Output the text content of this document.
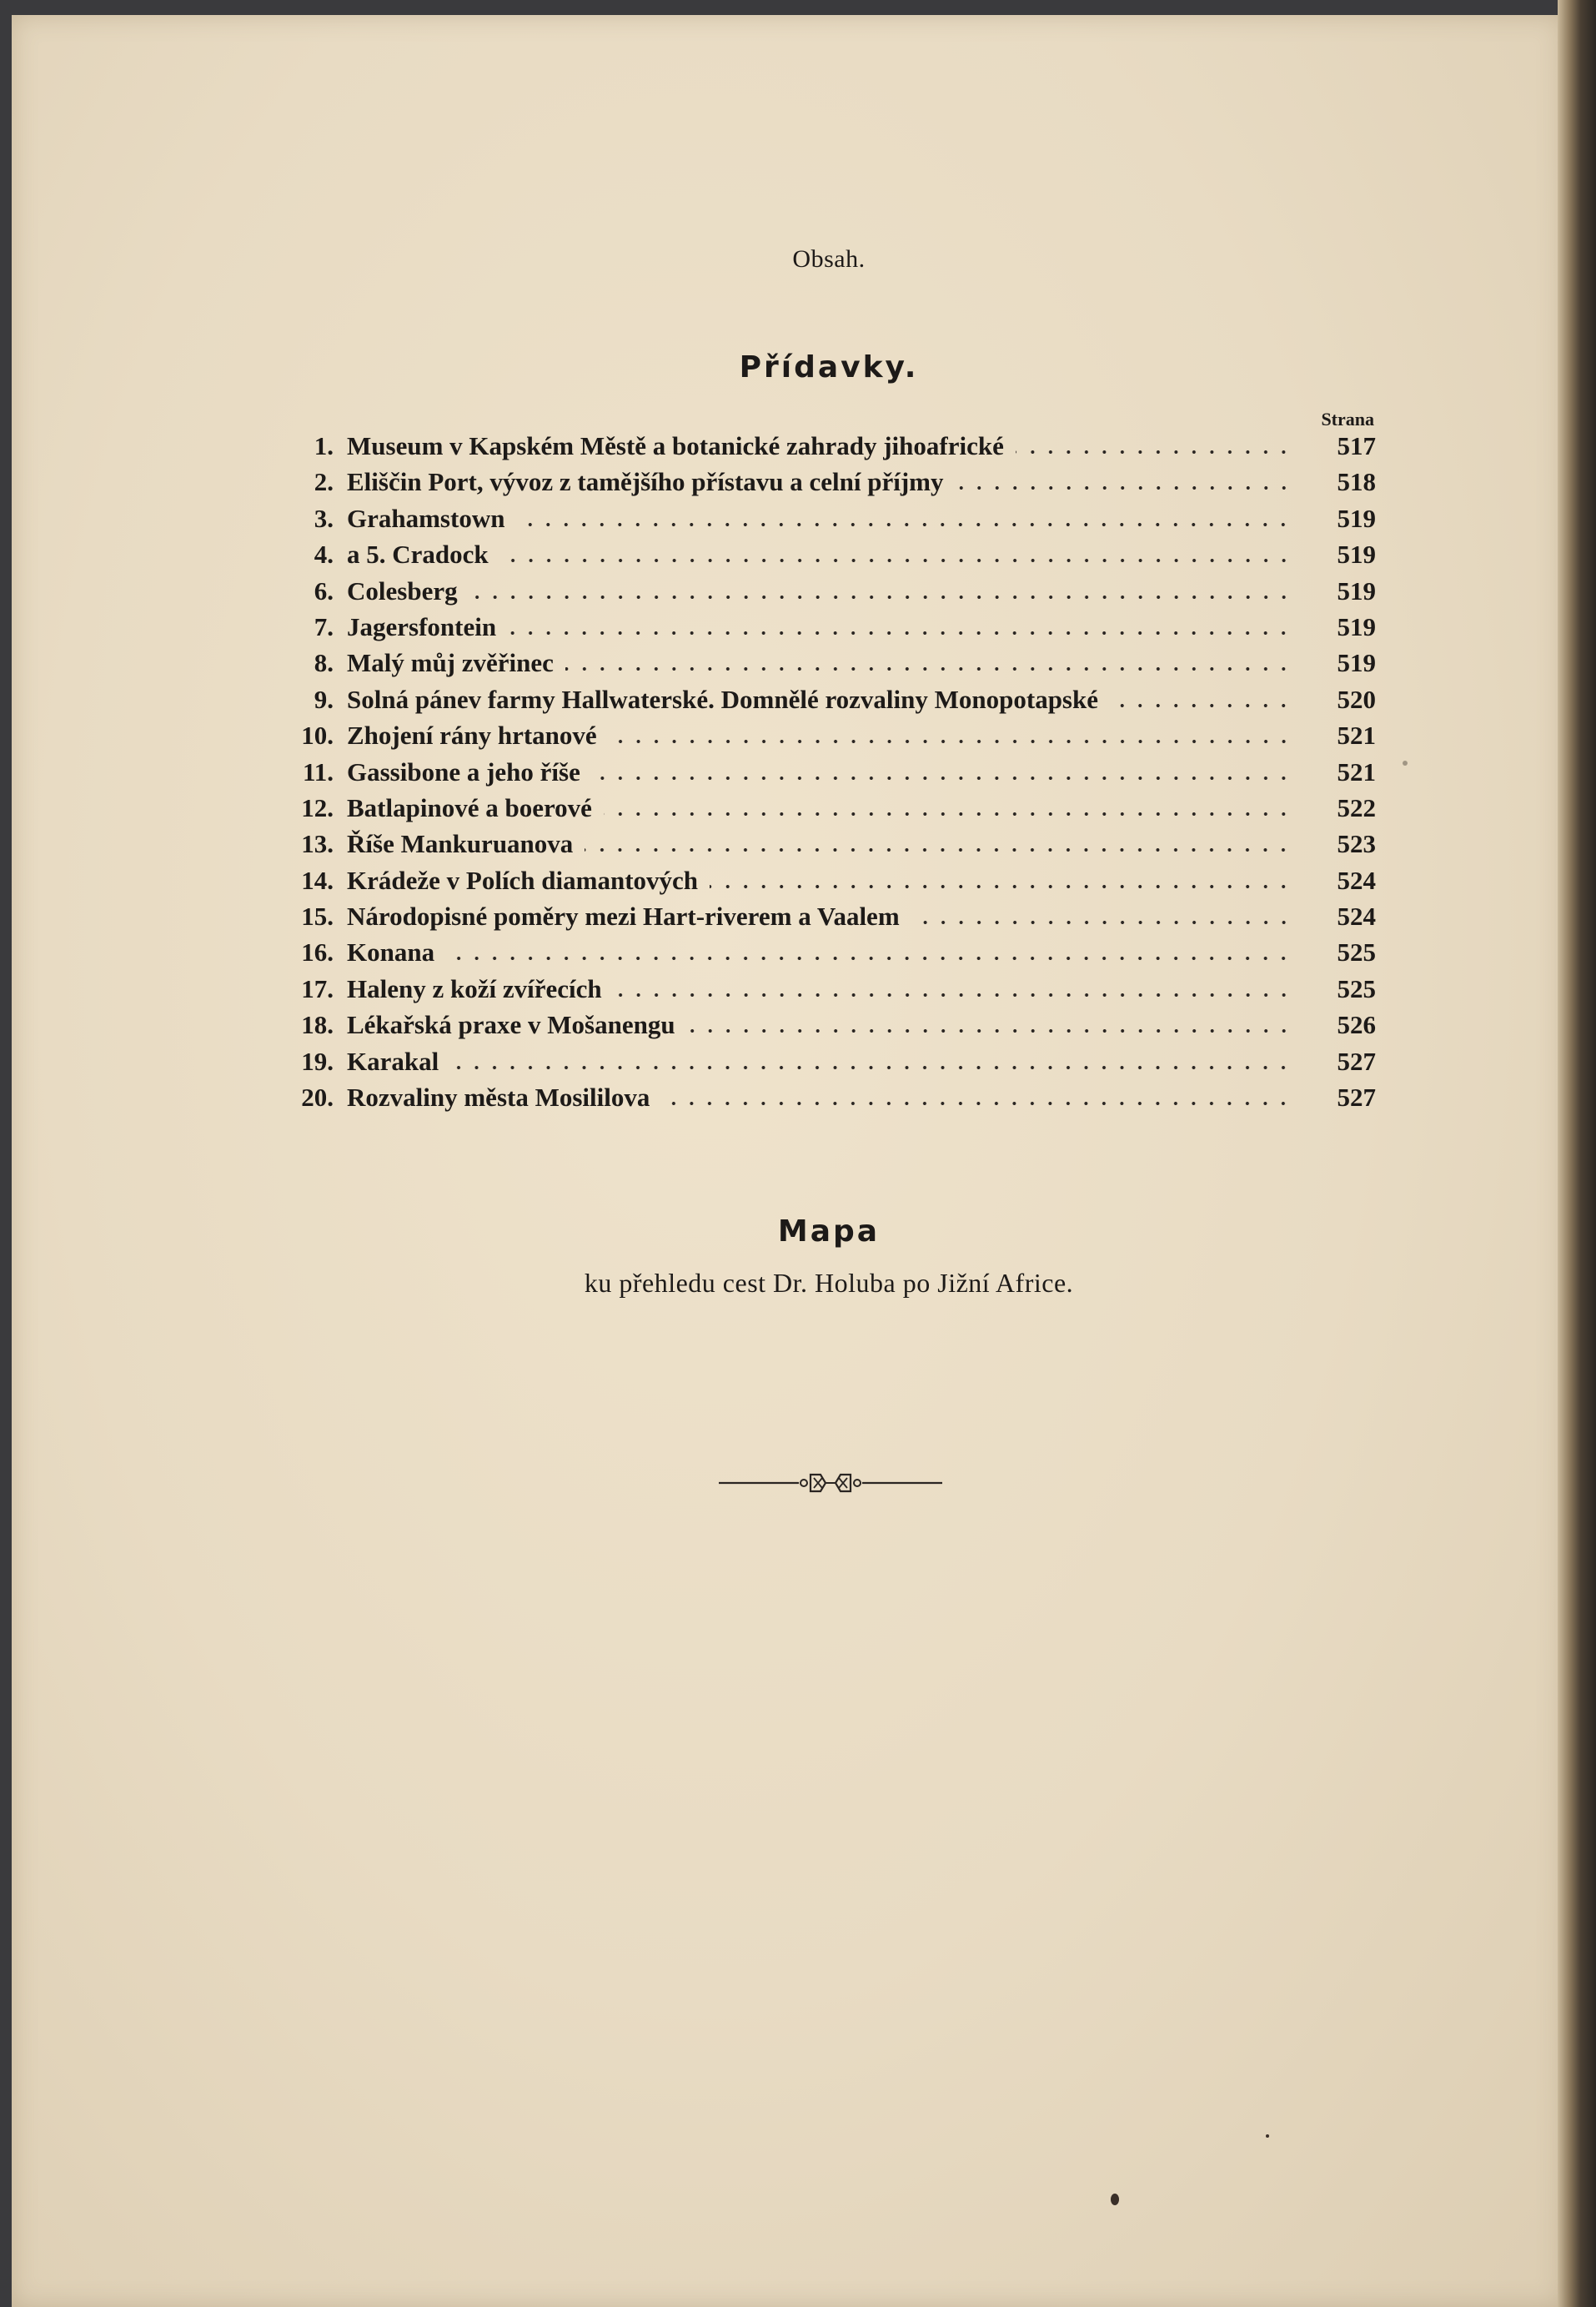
Obsah.
Přídavky.
Strana
1. Museum v Kapském Městě a botanické zahrady jihoafrické	517
2. Eliščin Port, vývoz z tamějšího přístavu a celní příjmy	518
3. Grahamstown	519
4. a 5. Cradock	519
6. Colesberg	519
7. Jagersfontein	519
8. Malý můj zvěřinec	519
9. Solná pánev farmy Hallwaterské. Domnělé rozvaliny Monopotapské	520
10. Zhojení rány hrtanové	521
11. Gassibone a jeho říše	521
12. Batlapinové a boerové	522
13. Říše Mankuruanova	523
14. Krádeže v Polích diamantových	524
15. Národopisné poměry mezi Hart-riverem a Vaalem	524
16. Konana	525
17. Haleny z koží zvířecích	525
18. Lékařská praxe v Mošanengu	526
19. Karakal	527
20. Rozvaliny města Mosililova	527
Mapa
ku přehledu cest Dr. Holuba po Jižní Africe.
